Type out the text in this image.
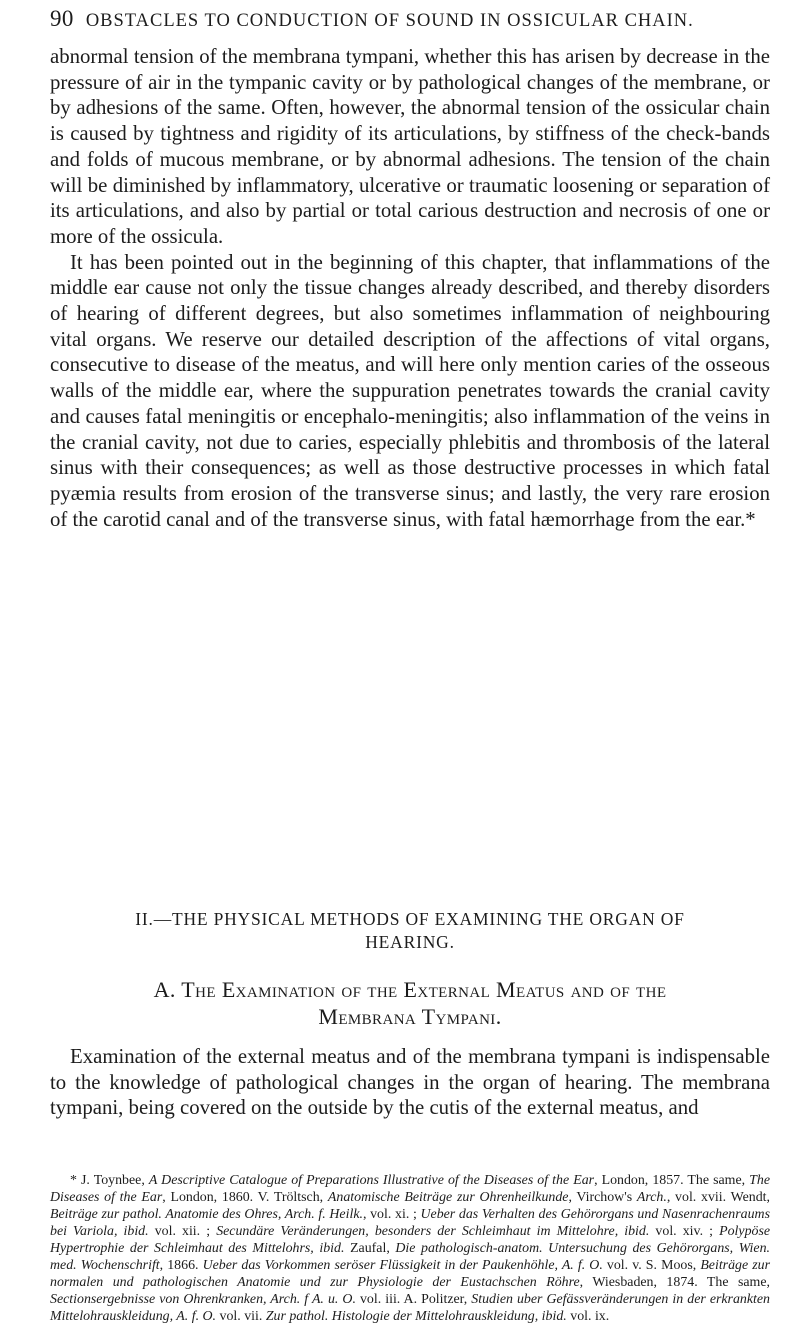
90 OBSTACLES TO CONDUCTION OF SOUND IN OSSICULAR CHAIN.

abnormal tension of the membrana tympani, whether this has arisen by decrease in the pressure of air in the tympanic cavity or by pathological changes of the membrane, or by adhesions of the same. Often, however, the abnormal tension of the ossicular chain is caused by tightness and rigidity of its articulations, by stiffness of the check-bands and folds of mucous membrane, or by abnormal adhesions. The tension of the chain will be diminished by inflammatory, ulcerative or traumatic loosening or separation of its articulations, and also by partial or total carious destruction and necrosis of one or more of the ossicula.

It has been pointed out in the beginning of this chapter, that inflammations of the middle ear cause not only the tissue changes already described, and thereby disorders of hearing of different degrees, but also sometimes inflammation of neighbouring vital organs. We reserve our detailed description of the affections of vital organs, consecutive to disease of the meatus, and will here only mention caries of the osseous walls of the middle ear, where the suppuration penetrates towards the cranial cavity and causes fatal meningitis or encephalo-meningitis; also inflammation of the veins in the cranial cavity, not due to caries, especially phlebitis and thrombosis of the lateral sinus with their consequences; as well as those destructive processes in which fatal pyæmia results from erosion of the transverse sinus; and lastly, the very rare erosion of the carotid canal and of the transverse sinus, with fatal hæmorrhage from the ear.*

II.—THE PHYSICAL METHODS OF EXAMINING THE ORGAN OF
HEARING.
A. The Examination of the External Meatus and of the
Membrana Tympani.

Examination of the external meatus and of the membrana tympani is indispensable to the knowledge of pathological changes in the organ of hearing. The membrana tympani, being covered on the outside by the cutis of the external meatus, and

* J. Toynbee, A Descriptive Catalogue of Preparations Illustrative of the Diseases of the Ear, London, 1857. The same, The Diseases of the Ear, London, 1860. V. Tröltsch, Anatomische Beiträge zur Ohrenheilkunde, Virchow's Arch., vol. xvii. Wendt, Beiträge zur pathol. Anatomie des Ohres, Arch. f. Heilk., vol. xi. ; Ueber das Verhalten des Gehörorgans und Nasenrachenraums bei Variola, ibid. vol. xii. ; Secundäre Veränderungen, besonders der Schleimhaut im Mittelohre, ibid. vol. xiv. ; Polypöse Hypertrophie der Schleimhaut des Mittelohrs, ibid. Zaufal, Die pathologisch-anatom. Untersuchung des Gehörorgans, Wien. med. Wochenschrift, 1866. Ueber das Vorkommen seröser Flüssigkeit in der Paukenhöhle, A. f. O. vol. v. S. Moos, Beiträge zur normalen und pathologischen Anatomie und zur Physiologie der Eustachschen Röhre, Wiesbaden, 1874. The same, Sectionsergebnisse von Ohrenkranken, Arch. f A. u. O. vol. iii. A. Politzer, Studien uber Gefässveränderungen in der erkrankten Mittelohrauskleidung, A. f. O. vol. vii. Zur pathol. Histologie der Mittelohrauskleidung, ibid. vol. ix.
